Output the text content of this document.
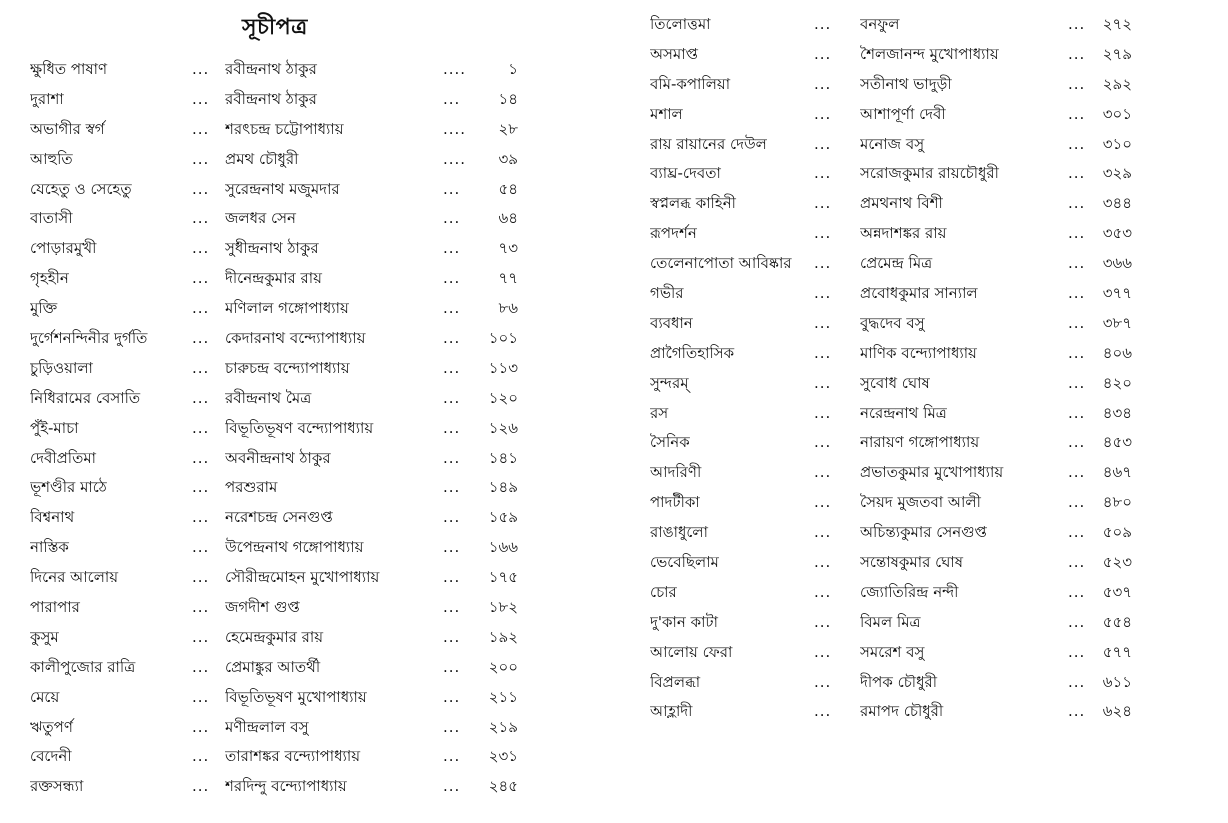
সূচীপত্র
ক্ষুধিত পাষাণ	...	রবীন্দ্রনাথ ঠাকুর	....	১
দুরাশা	...	রবীন্দ্রনাথ ঠাকুর	...	১৪
অভাগীর স্বর্গ	...	শরৎচন্দ্র চট্টোপাধ্যায়	....	২৮
আহুতি	...	প্রমথ চৌধুরী	....	৩৯
যেহেতু ও সেহেতু	...	সুরেন্দ্রনাথ মজুমদার	...	৫৪
বাতাসী	...	জলধর সেন	...	৬৪
পোড়ারমুখী	...	সুধীন্দ্রনাথ ঠাকুর	...	৭৩
গৃহহীন	...	দীনেন্দ্রকুমার রায়	...	৭৭
মুক্তি	...	মণিলাল গঙ্গোপাধ্যায়	...	৮৬
দুর্গেশনন্দিনীর দুর্গতি	...	কেদারনাথ বন্দ্যোপাধ্যায়	...	১০১
চুড়িওয়ালা	...	চারুচন্দ্র বন্দ্যোপাধ্যায়	...	১১৩
নিধিরামের বেসাতি	...	রবীন্দ্রনাথ মৈত্র	...	১২০
পুঁই-মাচা	...	বিভূতিভূষণ বন্দ্যোপাধ্যায়	...	১২৬
দেবীপ্রতিমা	...	অবনীন্দ্রনাথ ঠাকুর	...	১৪১
ভূশণ্ডীর মাঠে	...	পরশুরাম	...	১৪৯
বিশ্বনাথ	...	নরেশচন্দ্র সেনগুপ্ত	...	১৫৯
নাস্তিক	...	উপেন্দ্রনাথ গঙ্গোপাধ্যায়	...	১৬৬
দিনের আলোয়	...	সৌরীন্দ্রমোহন মুখোপাধ্যায়	...	১৭৫
পারাপার	...	জগদীশ গুপ্ত	...	১৮২
কুসুম	...	হেমেন্দ্রকুমার রায়	...	১৯২
কালীপুজোর রাত্রি	...	প্রেমাঙ্কুর আতর্থী	...	২০০
মেয়ে	...	বিভূতিভূষণ মুখোপাধ্যায়	...	২১১
ঋতুপর্ণ	...	মণীন্দ্রলাল বসু	...	২১৯
বেদেনী	...	তারাশঙ্কর বন্দ্যোপাধ্যায়	...	২৩১
রক্তসন্ধ্যা	...	শরদিন্দু বন্দ্যোপাধ্যায়	...	২৪৫
তিলোত্তমা	...	বনফুল	...	২৭২
অসমাপ্ত	...	শৈলজানন্দ মুখোপাধ্যায়	...	২৭৯
বমি-কপালিয়া	...	সতীনাথ ভাদুড়ী	...	২৯২
মশাল	...	আশাপূর্ণা দেবী	...	৩০১
রায় রায়ানের দেউল	...	মনোজ বসু	...	৩১০
ব্যাঘ্র-দেবতা	...	সরোজকুমার রায়চৌধুরী	...	৩২৯
স্বপ্নলব্ধ কাহিনী	...	প্রমথনাথ বিশী	...	৩৪৪
রূপদর্শন	...	অন্নদাশঙ্কর রায়	...	৩৫৩
তেলেনাপোতা আবিষ্কার	...	প্রেমেন্দ্র মিত্র	...	৩৬৬
গভীর	...	প্রবোধকুমার সান্যাল	...	৩৭৭
ব্যবধান	...	বুদ্ধদেব বসু	...	৩৮৭
প্রাগৈতিহাসিক	...	মাণিক বন্দ্যোপাধ্যায়	...	৪০৬
সুন্দরম্	...	সুবোধ ঘোষ	...	৪২০
রস	...	নরেন্দ্রনাথ মিত্র	...	৪৩৪
সৈনিক	...	নারায়ণ গঙ্গোপাধ্যায়	...	৪৫৩
আদরিণী	...	প্রভাতকুমার মুখোপাধ্যায়	...	৪৬৭
পাদটীকা	...	সৈয়দ মুজতবা আলী	...	৪৮০
রাঙাধুলো	...	অচিন্ত্যকুমার সেনগুপ্ত	...	৫০৯
ভেবেছিলাম	...	সন্তোষকুমার ঘোষ	...	৫২৩
চোর	...	জ্যোতিরিন্দ্র নন্দী	...	৫৩৭
দু'কান কাটা	...	বিমল মিত্র	...	৫৫৪
আলোয় ফেরা	...	সমরেশ বসু	...	৫৭৭
বিপ্রলব্ধা	...	দীপক চৌধুরী	...	৬১১
আহ্লাদী	...	রমাপদ চৌধুরী	...	৬২৪
